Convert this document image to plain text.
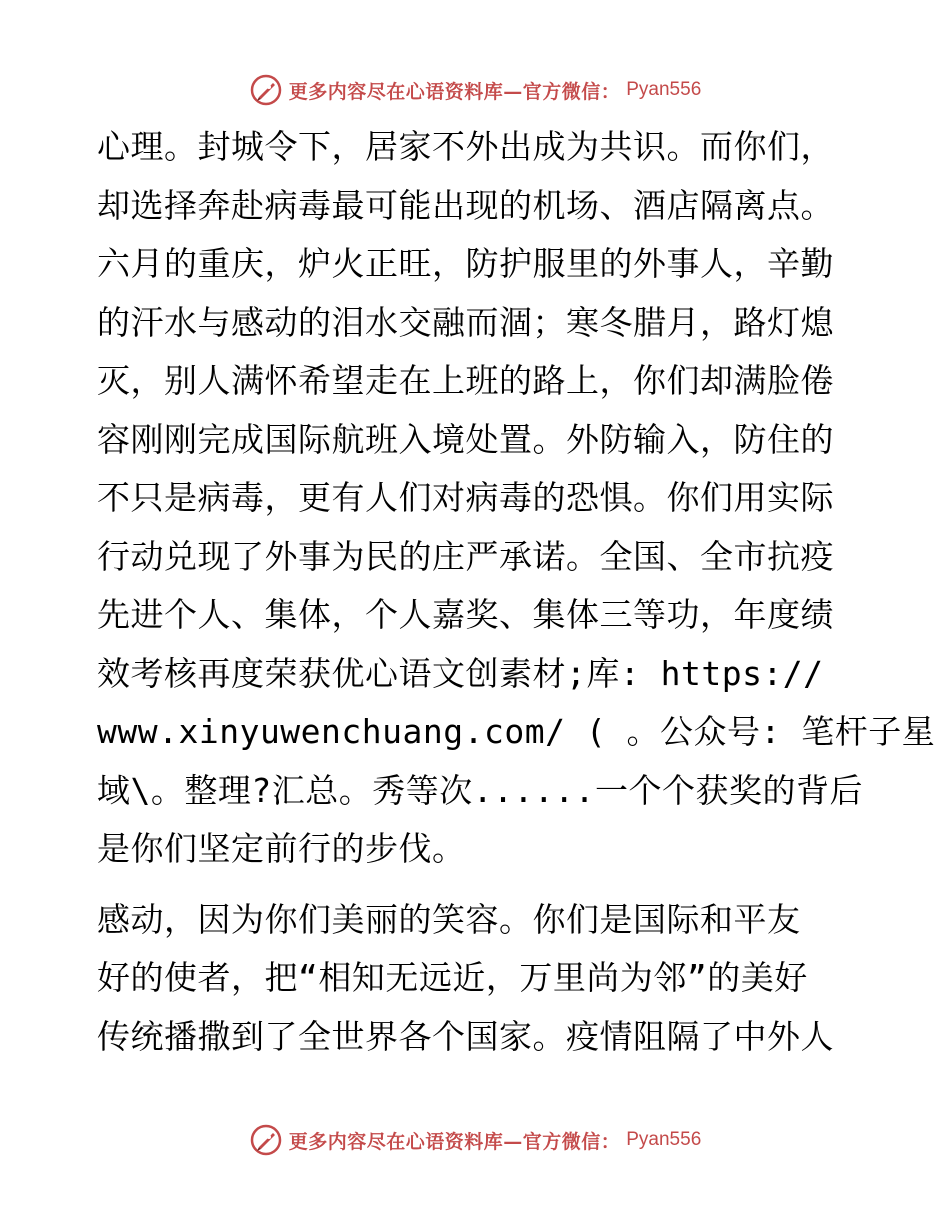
更多内容尽在心语资料库—官方微信： Pyan556
心理。封城令下，居家不外出成为共识。而你们，
却选择奔赴病毒最可能出现的机场、酒店隔离点。
六月的重庆，炉火正旺，防护服里的外事人，辛勤
的汗水与感动的泪水交融而涸；寒冬腊月，路灯熄
灭，别人满怀希望走在上班的路上，你们却满脸倦
容刚刚完成国际航班入境处置。外防输入，防住的
不只是病毒，更有人们对病毒的恐惧。你们用实际
行动兑现了外事为民的庄严承诺。全国、全市抗疫
先进个人、集体，个人嘉奖、集体三等功，年度绩
效考核再度荣获优心语文创素材;库: https://
www.xinyuwenchuang.com/ ( 。公众号: 笔杆子星
域\。整理?汇总。秀等次......一个个获奖的背后
是你们坚定前行的步伐。
感动，因为你们美丽的笑容。你们是国际和平友
好的使者，把“相知无远近，万里尚为邻”的美好
传统播撒到了全世界各个国家。疫情阻隔了中外人
更多内容尽在心语资料库—官方微信： Pyan556
